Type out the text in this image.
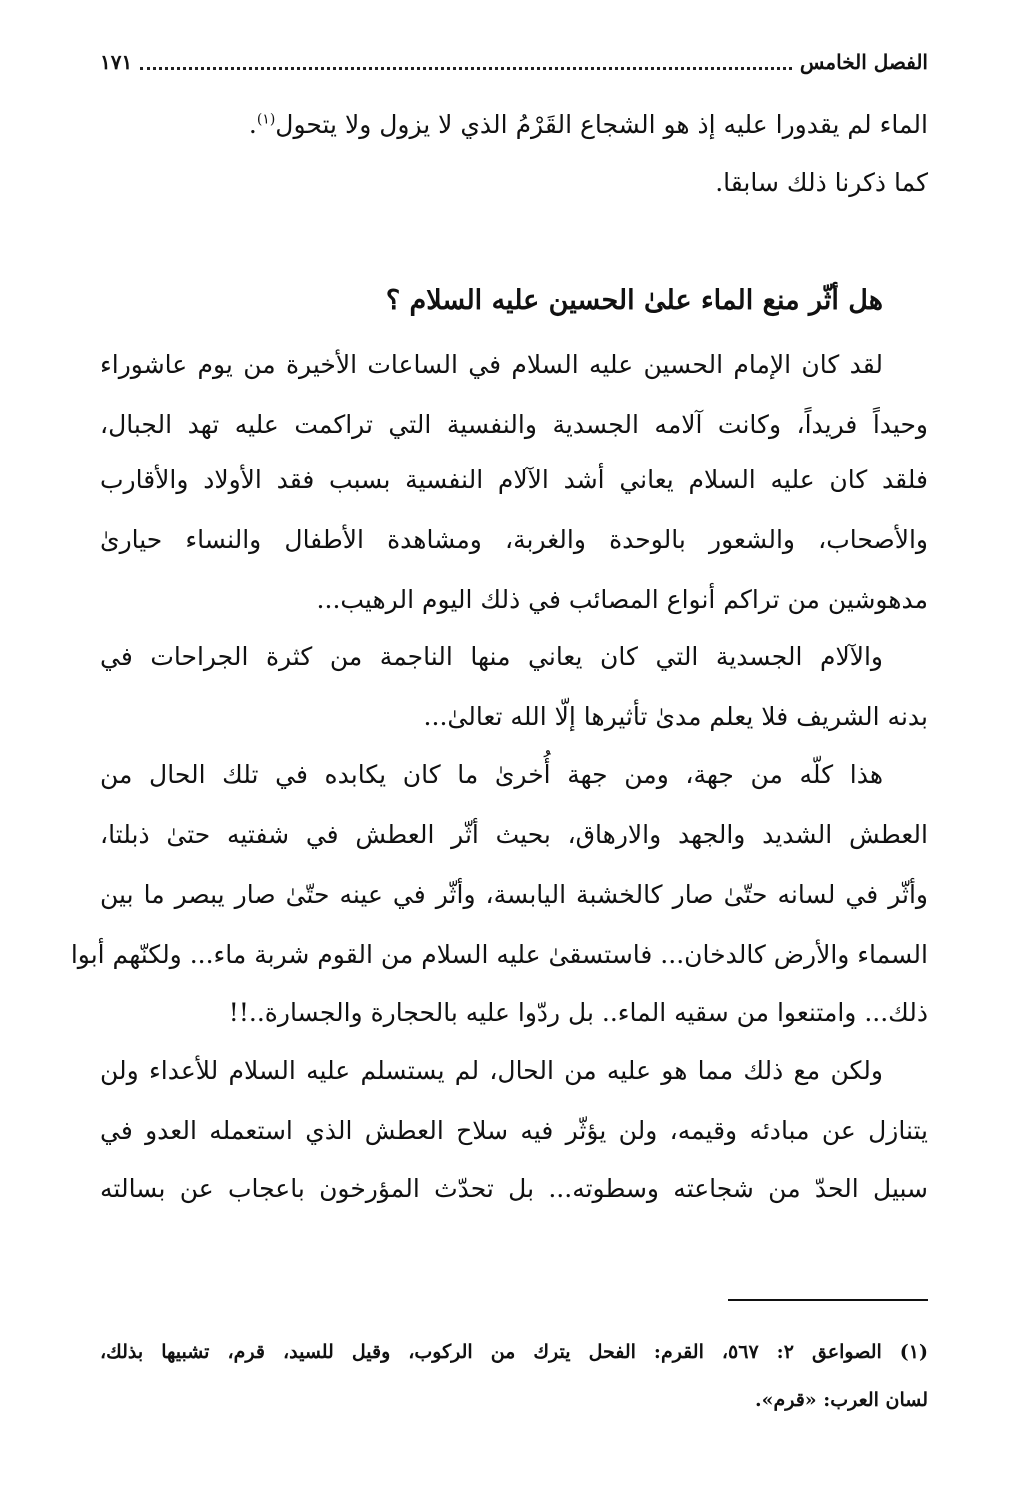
الفصل الخامس
١٧١
الماء لم يقدورا عليه إذ هو الشجاع القَرْمُ الذي لا يزول ولا يتحول$^{(١)}$.
كما ذكرنا ذلك سابقا.
هل أثّر منع الماء علىٰ الحسين عليه السلام ؟
لقد كان الإمام الحسين عليه السلام في الساعات الأخيرة من يوم عاشوراء
وحيداً فريداً، وكانت آلامه الجسدية والنفسية التي تراكمت عليه تهد الجبال،
فلقد كان عليه السلام يعاني أشد الآلام النفسية بسبب فقد الأولاد والأقارب
والأصحاب، والشعور بالوحدة والغربة، ومشاهدة الأطفال والنساء حيارىٰ
مدهوشين من تراكم أنواع المصائب في ذلك اليوم الرهيب...
والآلام الجسدية التي كان يعاني منها الناجمة من كثرة الجراحات في
بدنه الشريف فلا يعلم مدىٰ تأثيرها إلّا الله تعالىٰ...
هذا كلّه من جهة، ومن جهة أُخرىٰ ما كان يكابده في تلك الحال من
العطش الشديد والجهد والارهاق، بحيث أثّر العطش في شفتيه حتىٰ ذبلتا،
وأثّر في لسانه حتّىٰ صار كالخشبة اليابسة، وأثّر في عينه حتّىٰ صار يبصر ما بين
السماء والأرض كالدخان... فاستسقىٰ عليه السلام من القوم شربة ماء... ولكنّهم أبوا
ذلك... وامتنعوا من سقيه الماء.. بل ردّوا عليه بالحجارة والجسارة..!!
ولكن مع ذلك مما هو عليه من الحال، لم يستسلم عليه السلام للأعداء ولن
يتنازل عن مبادئه وقيمه، ولن يؤثّر فيه سلاح العطش الذي استعمله العدو في
سبيل الحدّ من شجاعته وسطوته... بل تحدّث المؤرخون باعجاب عن بسالته
(١) الصواعق ٢: ٥٦٧، القرم: الفحل يترك من الركوب، وقيل للسيد، قرم، تشبيها بذلك،
لسان العرب: «قرم».
